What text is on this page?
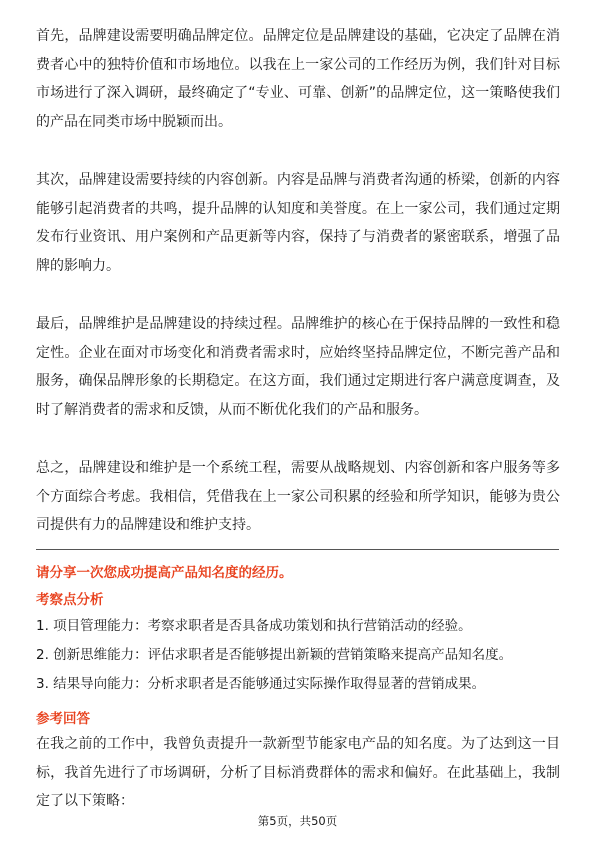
首先，品牌建设需要明确品牌定位。品牌定位是品牌建设的基础，它决定了品牌在消费者心中的独特价值和市场地位。以我在上一家公司的工作经历为例，我们针对目标市场进行了深入调研，最终确定了“专业、可靠、创新”的品牌定位，这一策略使我们的产品在同类市场中脱颖而出。

其次，品牌建设需要持续的内容创新。内容是品牌与消费者沟通的桥梁，创新的内容能够引起消费者的共鸣，提升品牌的认知度和美誉度。在上一家公司，我们通过定期发布行业资讯、用户案例和产品更新等内容，保持了与消费者的紧密联系，增强了品牌的影响力。

最后，品牌维护是品牌建设的持续过程。品牌维护的核心在于保持品牌的一致性和稳定性。企业在面对市场变化和消费者需求时，应始终坚持品牌定位，不断完善产品和服务，确保品牌形象的长期稳定。在这方面，我们通过定期进行客户满意度调查，及时了解消费者的需求和反馈，从而不断优化我们的产品和服务。

总之，品牌建设和维护是一个系统工程，需要从战略规划、内容创新和客户服务等多个方面综合考虑。我相信，凭借我在上一家公司积累的经验和所学知识，能够为贵公司提供有力的品牌建设和维护支持。

请分享一次您成功提高产品知名度的经历。

考察点分析

1. 项目管理能力：考察求职者是否具备成功策划和执行营销活动的经验。
2. 创新思维能力：评估求职者是否能够提出新颖的营销策略来提高产品知名度。
3. 结果导向能力：分析求职者是否能够通过实际操作取得显著的营销成果。

参考回答

在我之前的工作中，我曾负责提升一款新型节能家电产品的知名度。为了达到这一目标，我首先进行了市场调研，分析了目标消费群体的需求和偏好。在此基础上，我制定了以下策略：

第5页，共50页
